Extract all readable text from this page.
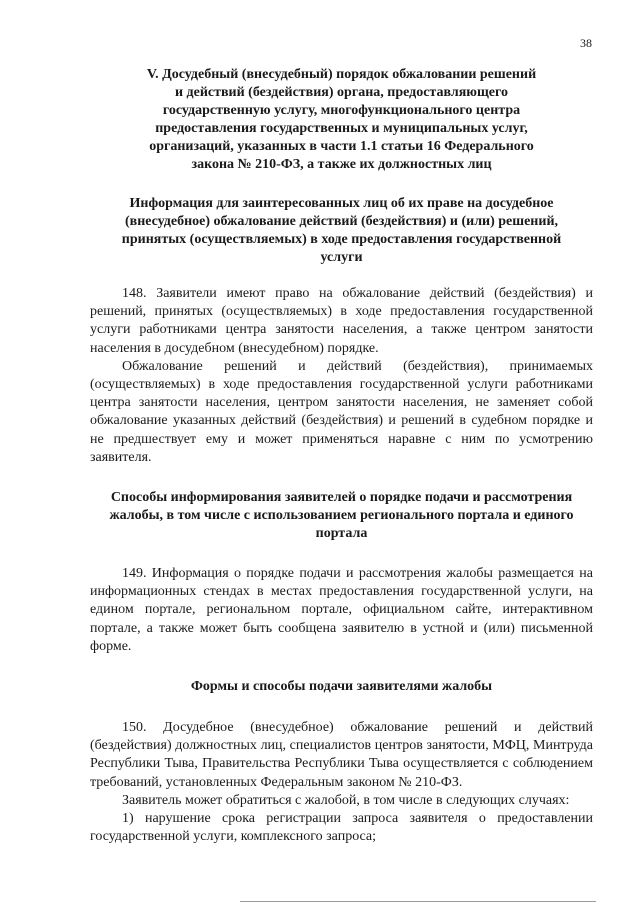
38
V. Досудебный (внесудебный) порядок обжаловании решений
и действий (бездействия) органа, предоставляющего
государственную услугу, многофункционального центра
предоставления государственных и муниципальных услуг,
организаций, указанных в части 1.1 статьи 16 Федерального
закона № 210-ФЗ, а также их должностных лиц
Информация для заинтересованных лиц об их праве на досудебное
(внесудебное) обжалование действий (бездействия) и (или) решений,
принятых (осуществляемых) в ходе предоставления государственной
услуги

148. Заявители имеют право на обжалование действий (бездействия) и решений, принятых (осуществляемых) в ходе предоставления государственной услуги работниками центра занятости населения, а также центром занятости населения в досудебном (внесудебном) порядке.

Обжалование решений и действий (бездействия), принимаемых (осуществляемых) в ходе предоставления государственной услуги работниками центра занятости населения, центром занятости населения, не заменяет собой обжалование указанных действий (бездействия) и решений в судебном порядке и не предшествует ему и может применяться наравне с ним по усмотрению заявителя.

Способы информирования заявителей о порядке подачи и рассмотрения
жалобы, в том числе с использованием регионального портала и единого
портала

149. Информация о порядке подачи и рассмотрения жалобы размещается на информационных стендах в местах предоставления государственной услуги, на едином портале, региональном портале, официальном сайте, интерактивном портале, а также может быть сообщена заявителю в устной и (или) письменной форме.

Формы и способы подачи заявителями жалобы

150. Досудебное (внесудебное) обжалование решений и действий (бездействия) должностных лиц, специалистов центров занятости, МФЦ, Минтруда Республики Тыва, Правительства Республики Тыва осуществляется с соблюдением требований, установленных Федеральным законом № 210-ФЗ.

Заявитель может обратиться с жалобой, в том числе в следующих случаях:

1) нарушение срока регистрации запроса заявителя о предоставлении государственной услуги, комплексного запроса;
